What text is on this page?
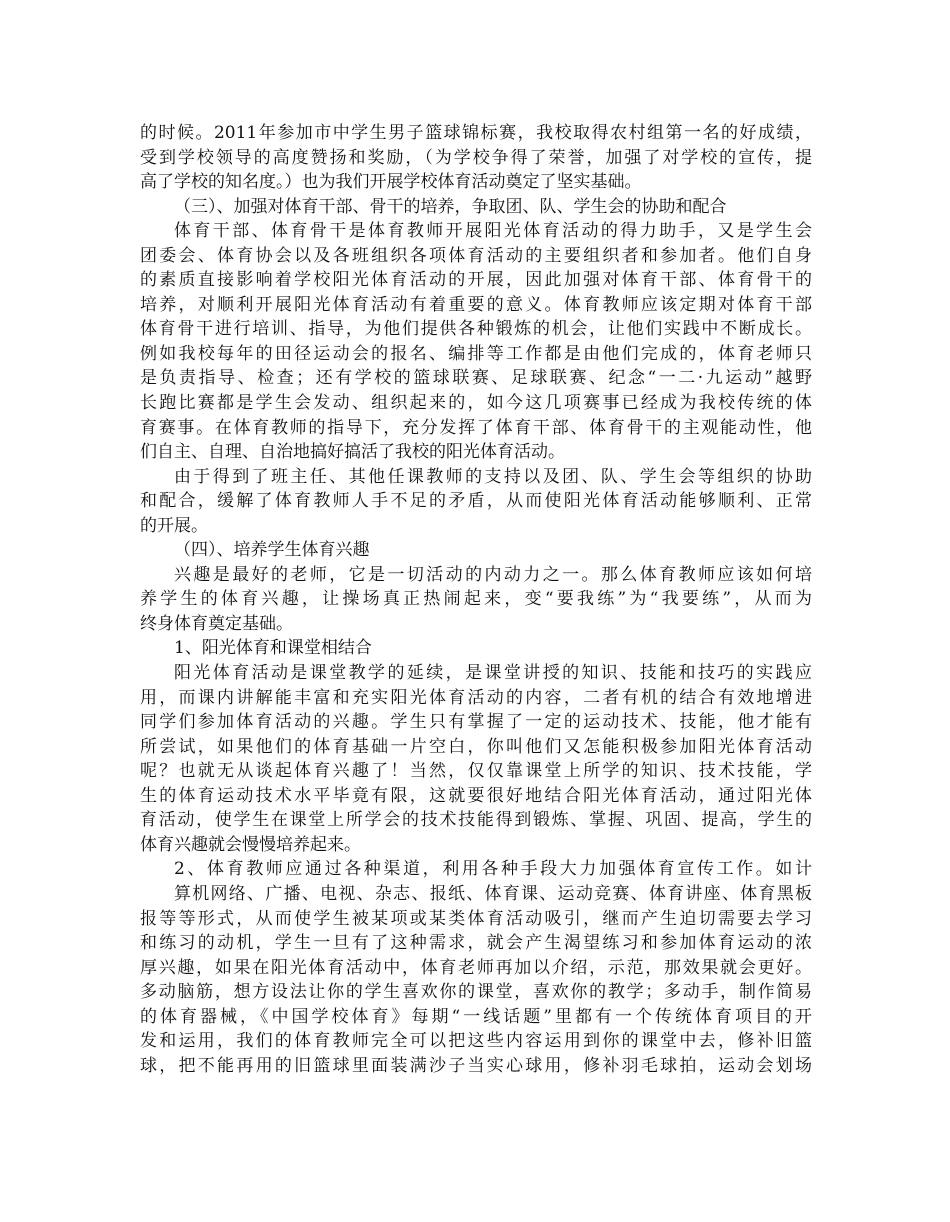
的时候。2011年参加市中学生男子篮球锦标赛，我校取得农村组第一名的好成绩，
受到学校领导的高度赞扬和奖励，（为学校争得了荣誉，加强了对学校的宣传，提
高了学校的知名度。）也为我们开展学校体育活动奠定了坚实基础。
（三）、加强对体育干部、骨干的培养，争取团、队、学生会的协助和配合
体育干部、体育骨干是体育教师开展阳光体育活动的得力助手，又是学生会
团委会、体育协会以及各班组织各项体育活动的主要组织者和参加者。他们自身
的素质直接影响着学校阳光体育活动的开展，因此加强对体育干部、体育骨干的
培养，对顺利开展阳光体育活动有着重要的意义。体育教师应该定期对体育干部
体育骨干进行培训、指导，为他们提供各种锻炼的机会，让他们实践中不断成长。
例如我校每年的田径运动会的报名、编排等工作都是由他们完成的，体育老师只
是负责指导、检查；还有学校的篮球联赛、足球联赛、纪念“一二·九运动”越野
长跑比赛都是学生会发动、组织起来的，如今这几项赛事已经成为我校传统的体
育赛事。在体育教师的指导下，充分发挥了体育干部、体育骨干的主观能动性，他
们自主、自理、自治地搞好搞活了我校的阳光体育活动。
由于得到了班主任、其他任课教师的支持以及团、队、学生会等组织的协助
和配合，缓解了体育教师人手不足的矛盾，从而使阳光体育活动能够顺利、正常
的开展。
（四）、培养学生体育兴趣
兴趣是最好的老师，它是一切活动的内动力之一。那么体育教师应该如何培
养学生的体育兴趣，让操场真正热闹起来，变“要我练”为“我要练”，从而为
终身体育奠定基础。
1、阳光体育和课堂相结合
阳光体育活动是课堂教学的延续，是课堂讲授的知识、技能和技巧的实践应
用，而课内讲解能丰富和充实阳光体育活动的内容，二者有机的结合有效地增进
同学们参加体育活动的兴趣。学生只有掌握了一定的运动技术、技能，他才能有
所尝试，如果他们的体育基础一片空白，你叫他们又怎能积极参加阳光体育活动
呢？也就无从谈起体育兴趣了！当然，仅仅靠课堂上所学的知识、技术技能，学
生的体育运动技术水平毕竟有限，这就要很好地结合阳光体育活动，通过阳光体
育活动，使学生在课堂上所学会的技术技能得到锻炼、掌握、巩固、提高，学生的
体育兴趣就会慢慢培养起来。
2、体育教师应通过各种渠道，利用各种手段大力加强体育宣传工作。如计
算机网络、广播、电视、杂志、报纸、体育课、运动竞赛、体育讲座、体育黑板
报等等形式，从而使学生被某项或某类体育活动吸引，继而产生迫切需要去学习
和练习的动机，学生一旦有了这种需求，就会产生渴望练习和参加体育运动的浓
厚兴趣，如果在阳光体育活动中，体育老师再加以介绍，示范，那效果就会更好。
多动脑筋，想方设法让你的学生喜欢你的课堂，喜欢你的教学；多动手，制作简易
的体育器械，《中国学校体育》每期“一线话题”里都有一个传统体育项目的开
发和运用，我们的体育教师完全可以把这些内容运用到你的课堂中去，修补旧篮
球，把不能再用的旧篮球里面装满沙子当实心球用，修补羽毛球拍，运动会划场
